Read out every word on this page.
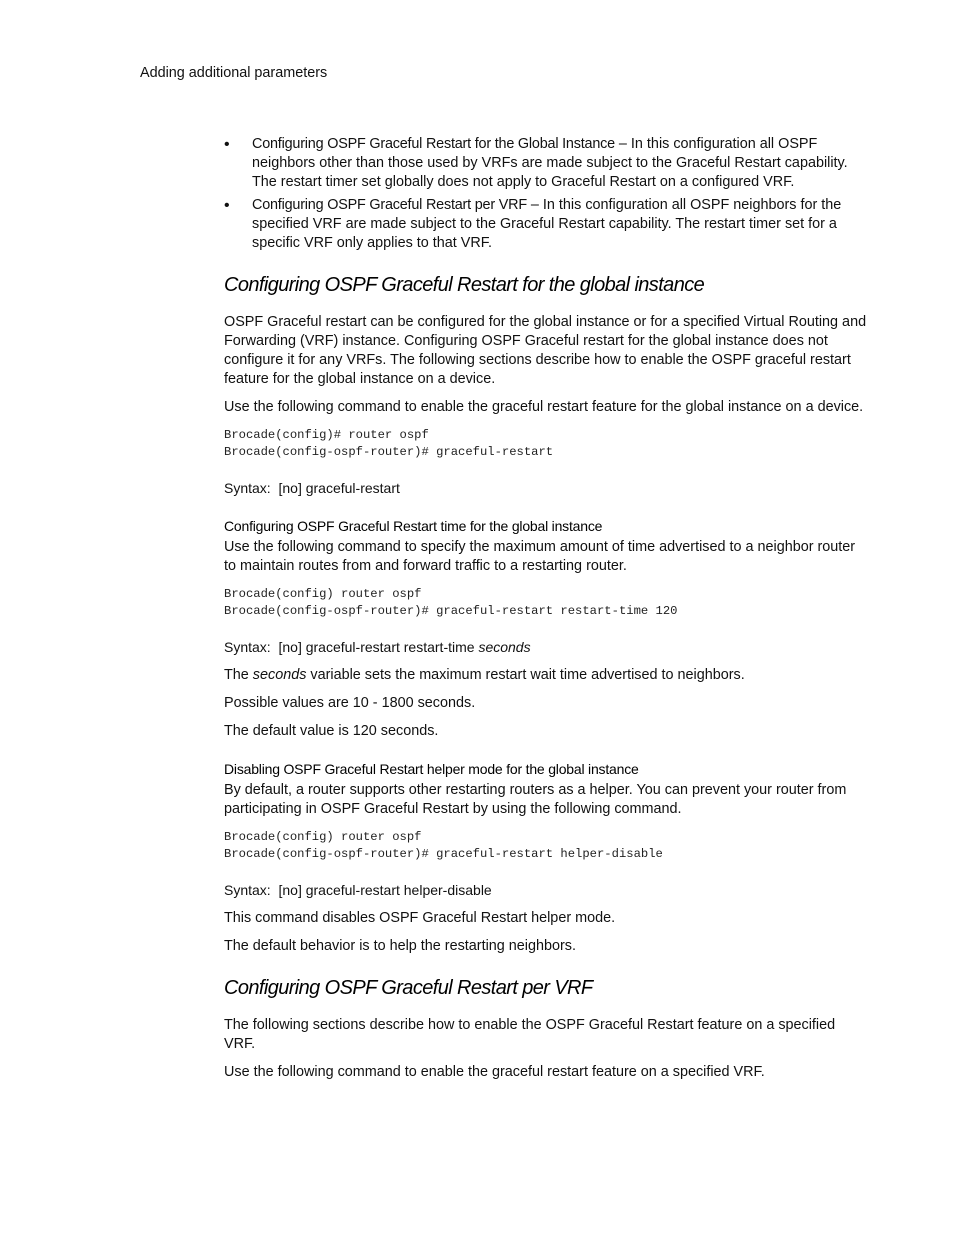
Adding additional parameters
• Configuring OSPF Graceful Restart for the Global Instance – In this configuration all OSPF neighbors other than those used by VRFs are made subject to the Graceful Restart capability. The restart timer set globally does not apply to Graceful Restart on a configured VRF.
• Configuring OSPF Graceful Restart per VRF – In this configuration all OSPF neighbors for the specified VRF are made subject to the Graceful Restart capability. The restart timer set for a specific VRF only applies to that VRF.
Configuring OSPF Graceful Restart for the global instance

OSPF Graceful restart can be configured for the global instance or for a specified Virtual Routing and Forwarding (VRF) instance. Configuring OSPF Graceful restart for the global instance does not configure it for any VRFs. The following sections describe how to enable the OSPF graceful restart feature for the global instance on a device.

Use the following command to enable the graceful restart feature for the global instance on a device.

Brocade(config)# router ospf
Brocade(config-ospf-router)# graceful-restart
Syntax: [no] graceful-restart
Configuring OSPF Graceful Restart time for the global instance

Use the following command to specify the maximum amount of time advertised to a neighbor router to maintain routes from and forward traffic to a restarting router.

Brocade(config) router ospf
Brocade(config-ospf-router)# graceful-restart restart-time 120
Syntax: [no] graceful-restart restart-time seconds

The seconds variable sets the maximum restart wait time advertised to neighbors.

Possible values are 10 - 1800 seconds.

The default value is 120 seconds.

Disabling OSPF Graceful Restart helper mode for the global instance

By default, a router supports other restarting routers as a helper. You can prevent your router from participating in OSPF Graceful Restart by using the following command.

Brocade(config) router ospf
Brocade(config-ospf-router)# graceful-restart helper-disable
Syntax: [no] graceful-restart helper-disable

This command disables OSPF Graceful Restart helper mode.

The default behavior is to help the restarting neighbors.

Configuring OSPF Graceful Restart per VRF

The following sections describe how to enable the OSPF Graceful Restart feature on a specified VRF.

Use the following command to enable the graceful restart feature on a specified VRF.
